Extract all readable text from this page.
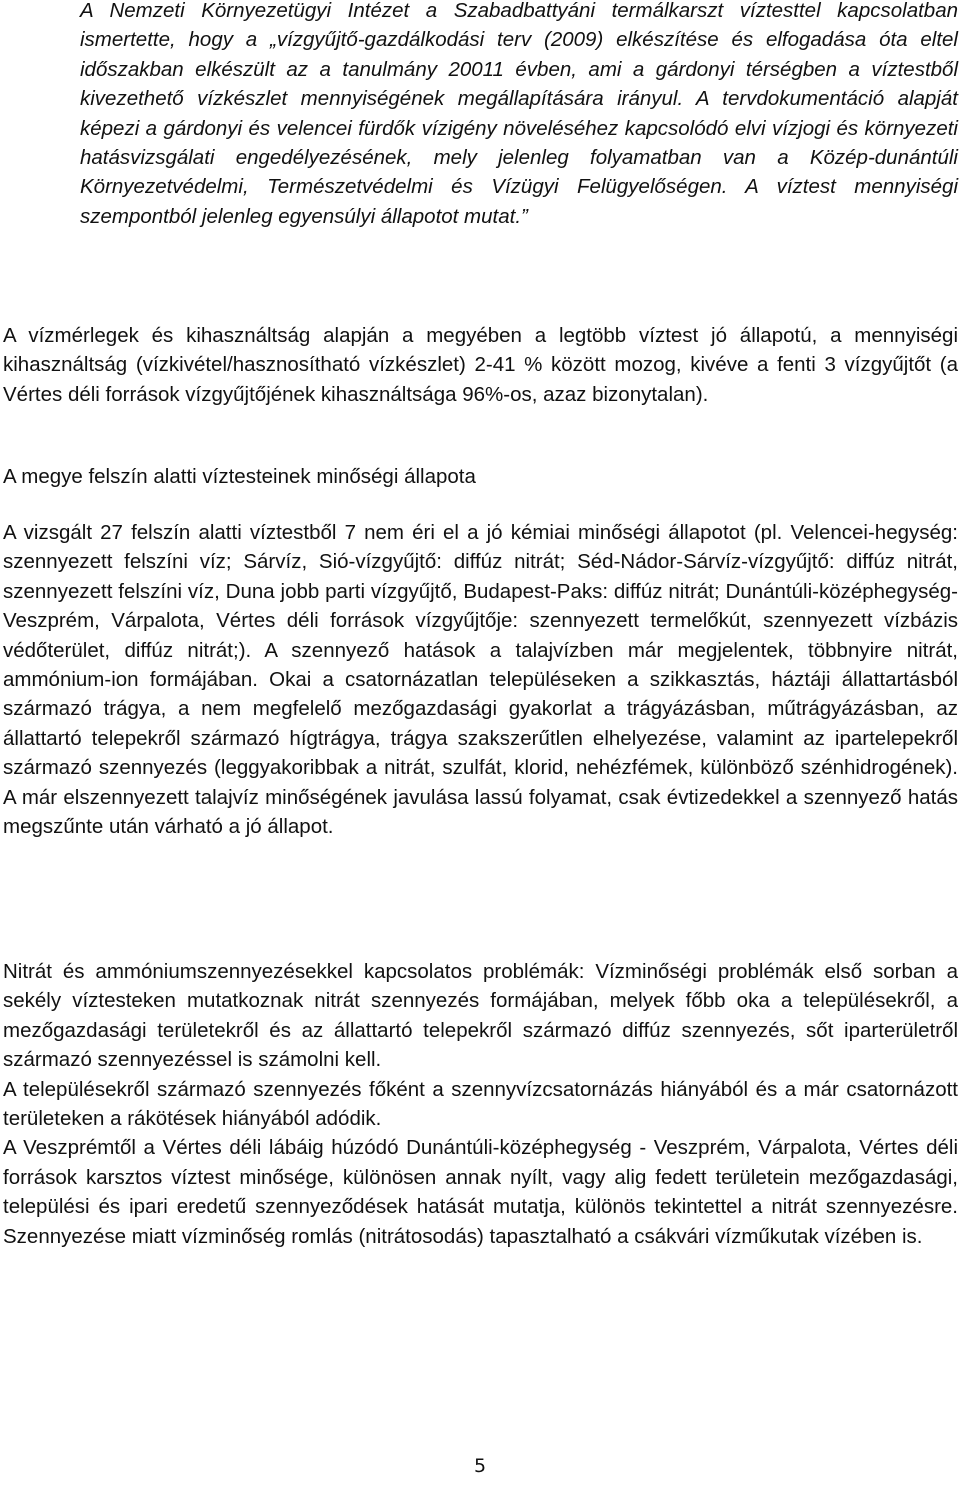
A Nemzeti Környezetügyi Intézet a Szabadbattyáni termálkarszt víztesttel kapcsolatban ismertette, hogy a „vízgyűjtő-gazdálkodási terv (2009) elkészítése és elfogadása óta eltel időszakban elkészült az a tanulmány 20011 évben, ami a gárdonyi térségben a víztestből kivezethető vízkészlet mennyiségének megállapítására irányul. A tervdokumentáció alapját képezi a gárdonyi és velencei fürdők vízigény növeléséhez kapcsolódó elvi vízjogi és környezeti hatásvizsgálati engedélyezésének, mely jelenleg folyamatban van a Közép-dunántúli Környezetvédelmi, Természetvédelmi és Vízügyi Felügyelőségen. A víztest mennyiségi szempontból jelenleg egyensúlyi állapotot mutat.”

A vízmérlegek és kihasználtság alapján a megyében a legtöbb víztest jó állapotú, a mennyiségi kihasználtság (vízkivétel/hasznosítható vízkészlet) 2-41 % között mozog, kivéve a fenti 3 vízgyűjtőt (a Vértes déli források vízgyűjtőjének kihasználtsága 96%-os, azaz bizonytalan).

A megye felszín alatti víztesteinek minőségi állapota

A vizsgált 27 felszín alatti víztestből 7 nem éri el a jó kémiai minőségi állapotot (pl. Velencei-hegység: szennyezett felszíni víz; Sárvíz, Sió-vízgyűjtő: diffúz nitrát; Séd-Nádor-Sárvíz-vízgyűjtő: diffúz nitrát, szennyezett felszíni víz, Duna jobb parti vízgyűjtő, Budapest-Paks: diffúz nitrát; Dunántúli-középhegység- Veszprém, Várpalota, Vértes déli források vízgyűjtője: szennyezett termelőkút, szennyezett vízbázis védőterület, diffúz nitrát;). A szennyező hatások a talajvízben már megjelentek, többnyire nitrát, ammónium-ion formájában. Okai a csatornázatlan településeken a szikkasztás, háztáji állattartásból származó trágya, a nem megfelelő mezőgazdasági gyakorlat a trágyázásban, műtrágyázásban, az állattartó telepekről származó hígtrágya, trágya szakszerűtlen elhelyezése, valamint az ipartelepekről származó szennyezés (leggyakoribbak a nitrát, szulfát, klorid, nehézfémek, különböző szénhidrogének). A már elszennyezett talajvíz minőségének javulása lassú folyamat, csak évtizedekkel a szennyező hatás megszűnte után várható a jó állapot.

Nitrát és ammóniumszennyezésekkel kapcsolatos problémák: Vízminőségi problémák első sorban a sekély víztesteken mutatkoznak nitrát szennyezés formájában, melyek főbb oka a településekről, a mezőgazdasági területekről és az állattartó telepekről származó diffúz szennyezés, sőt iparterületről származó szennyezéssel is számolni kell.

A településekről származó szennyezés főként a szennyvízcsatornázás hiányából és a már csatornázott területeken a rákötések hiányából adódik.

A Veszprémtől a Vértes déli lábáig húzódó Dunántúli-középhegység - Veszprém, Várpalota, Vértes déli források karsztos víztest minősége, különösen annak nyílt, vagy alig fedett területein mezőgazdasági, települési és ipari eredetű szennyeződések hatását mutatja, különös tekintettel a nitrát szennyezésre. Szennyezése miatt vízminőség romlás (nitrátosodás) tapasztalható a csákvári vízműkutak vízében is.

5
